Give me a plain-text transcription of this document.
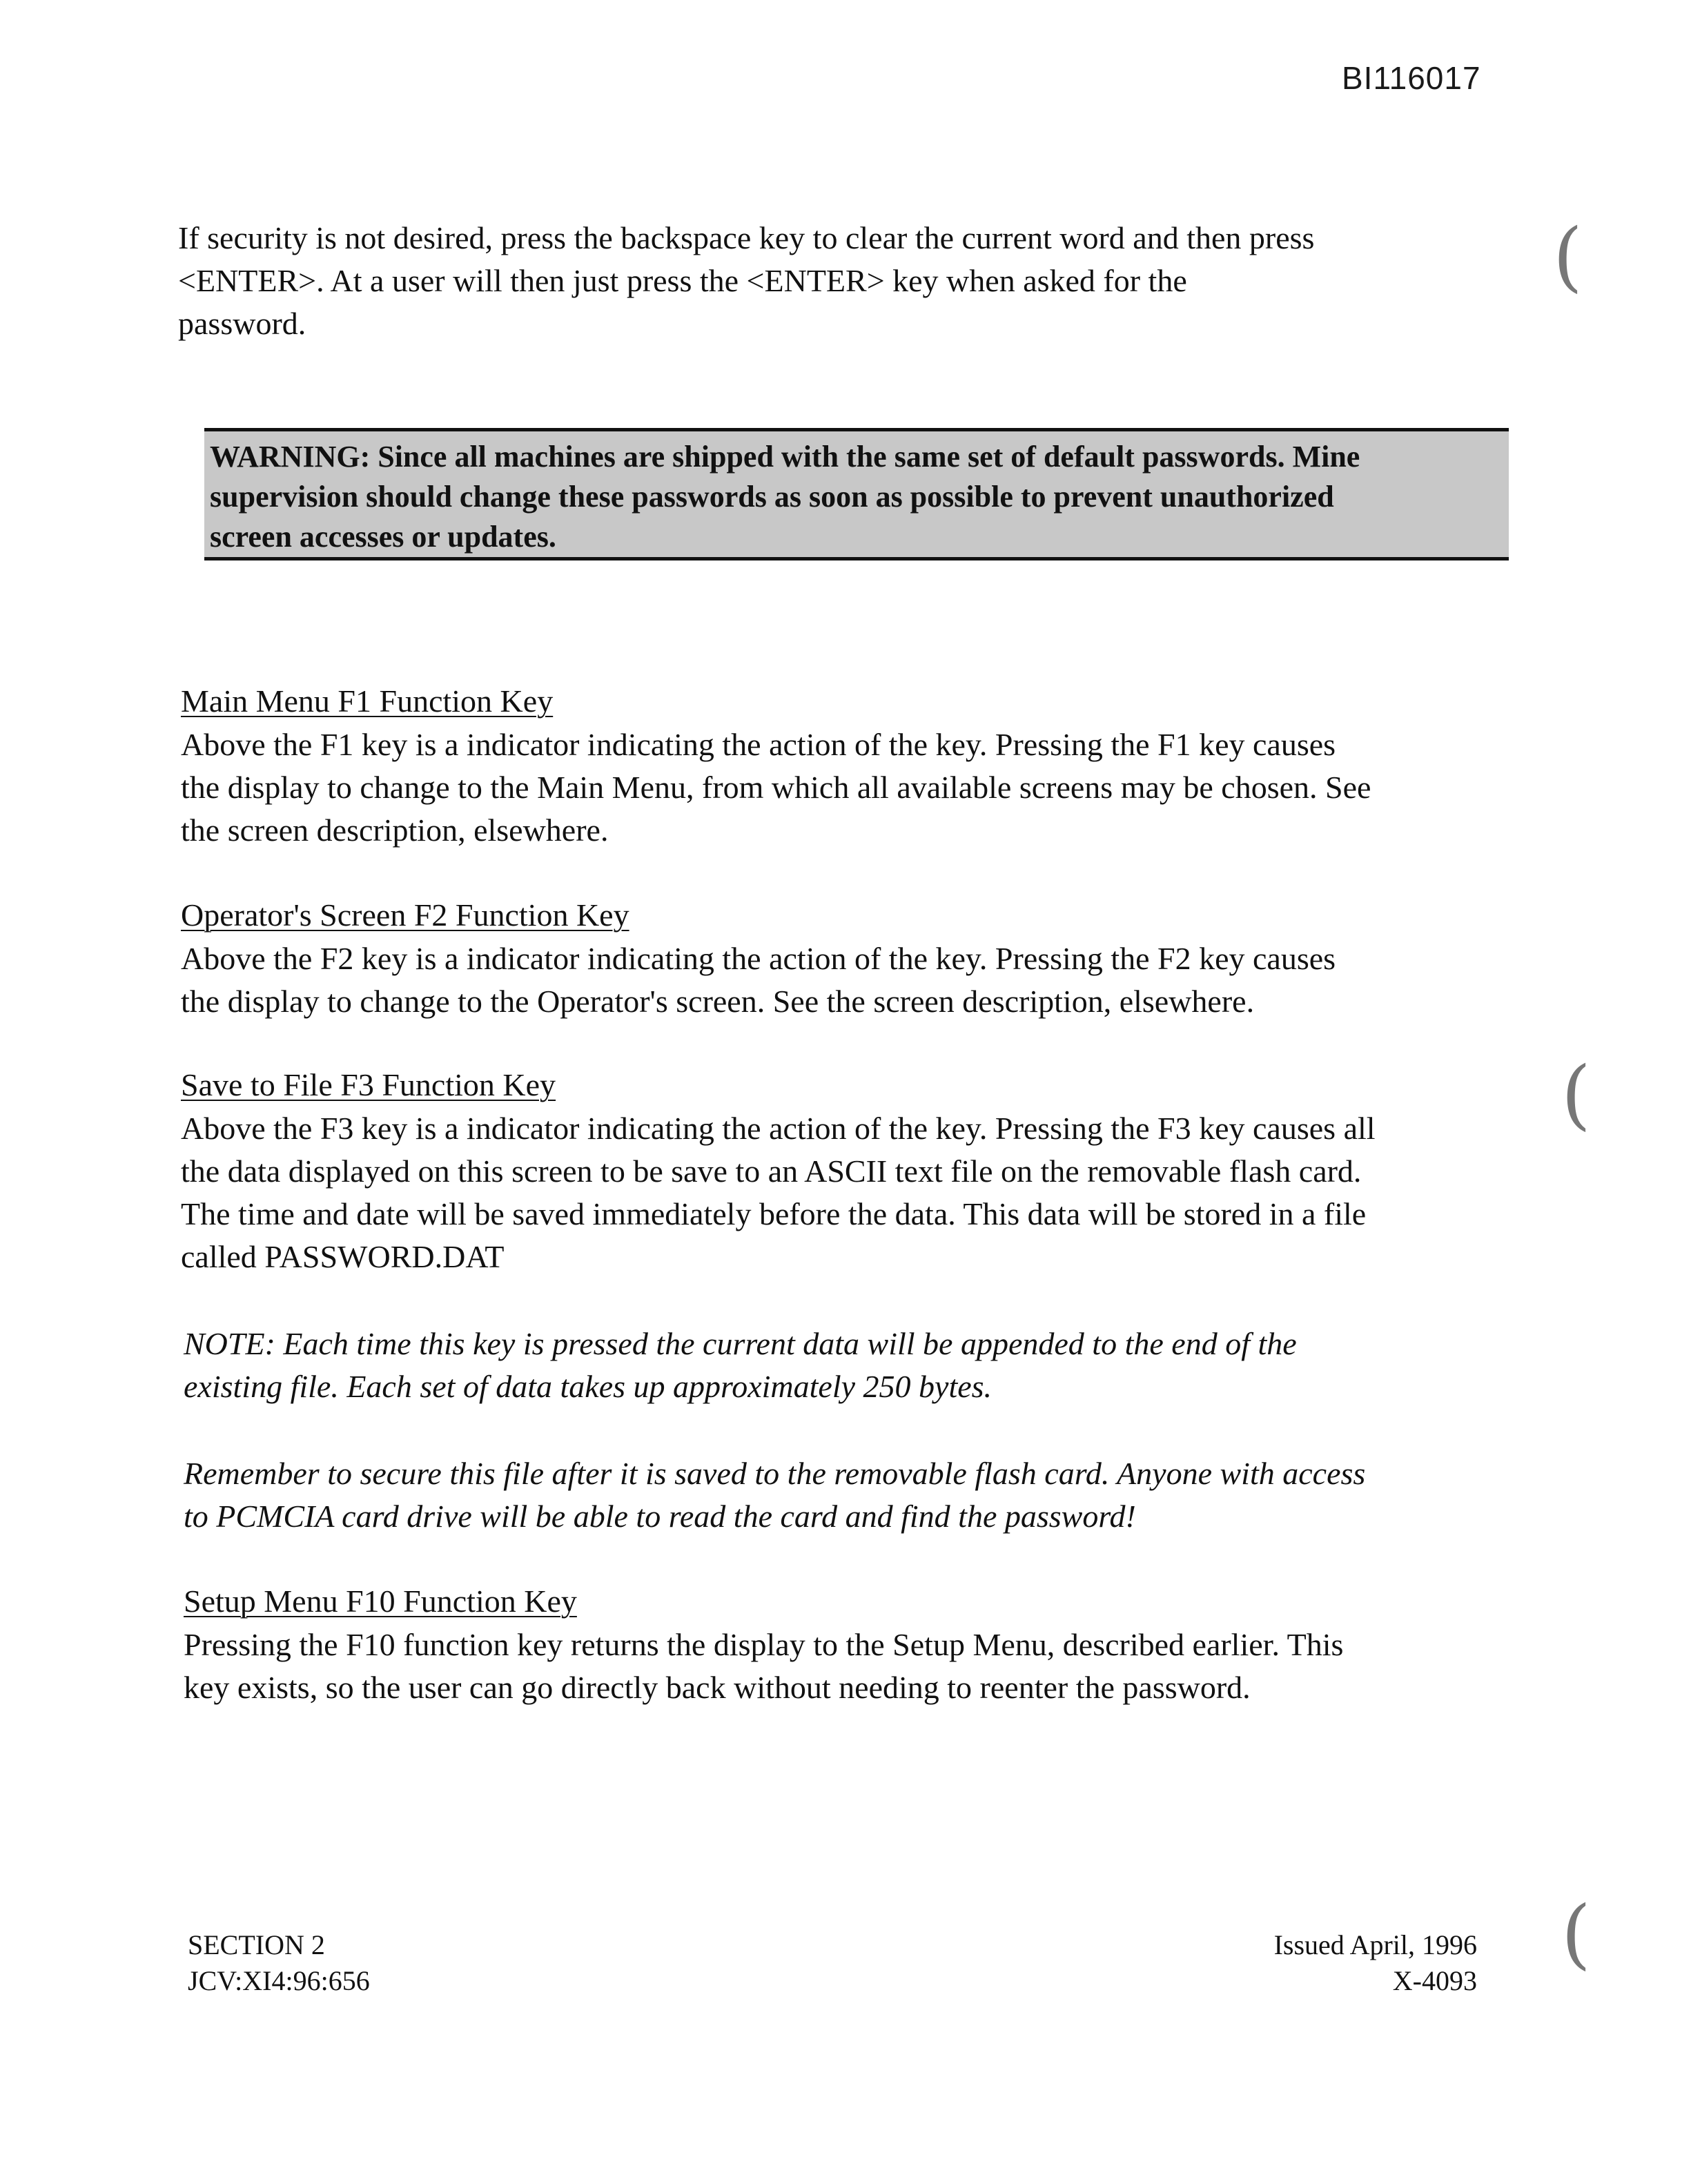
BI116017
(
(
(

If security is not desired, press the backspace key to clear the current word and then press

<ENTER>. At a user will then just press the <ENTER> key when asked for the

password.

WARNING: Since all machines are shipped with the same set of default passwords. Mine
supervision should change these passwords as soon as possible to prevent unauthorized
screen accesses or updates.

Main Menu F1 Function Key

Above the F1 key is a indicator indicating the action of the key. Pressing the F1 key causes

the display to change to the Main Menu, from which all available screens may be chosen. See

the screen description, elsewhere.

Operator's Screen F2 Function Key

Above the F2 key is a indicator indicating the action of the key. Pressing the F2 key causes

the display to change to the Operator's screen. See the screen description, elsewhere.

Save to File F3 Function Key

Above the F3 key is a indicator indicating the action of the key. Pressing the F3 key causes all

the data displayed on this screen to be save to an ASCII text file on the removable flash card.

The time and date will be saved immediately before the data. This data will be stored in a file

called PASSWORD.DAT

NOTE: Each time this key is pressed the current data will be appended to the end of the

existing file. Each set of data takes up approximately 250 bytes.

Remember to secure this file after it is saved to the removable flash card. Anyone with access

to PCMCIA card drive will be able to read the card and find the password!

Setup Menu F10 Function Key

Pressing the F10 function key returns the display to the Setup Menu, described earlier. This

key exists, so the user can go directly back without needing to reenter the password.

SECTION 2
JCV:XI4:96:656
Issued April, 1996
X-4093
